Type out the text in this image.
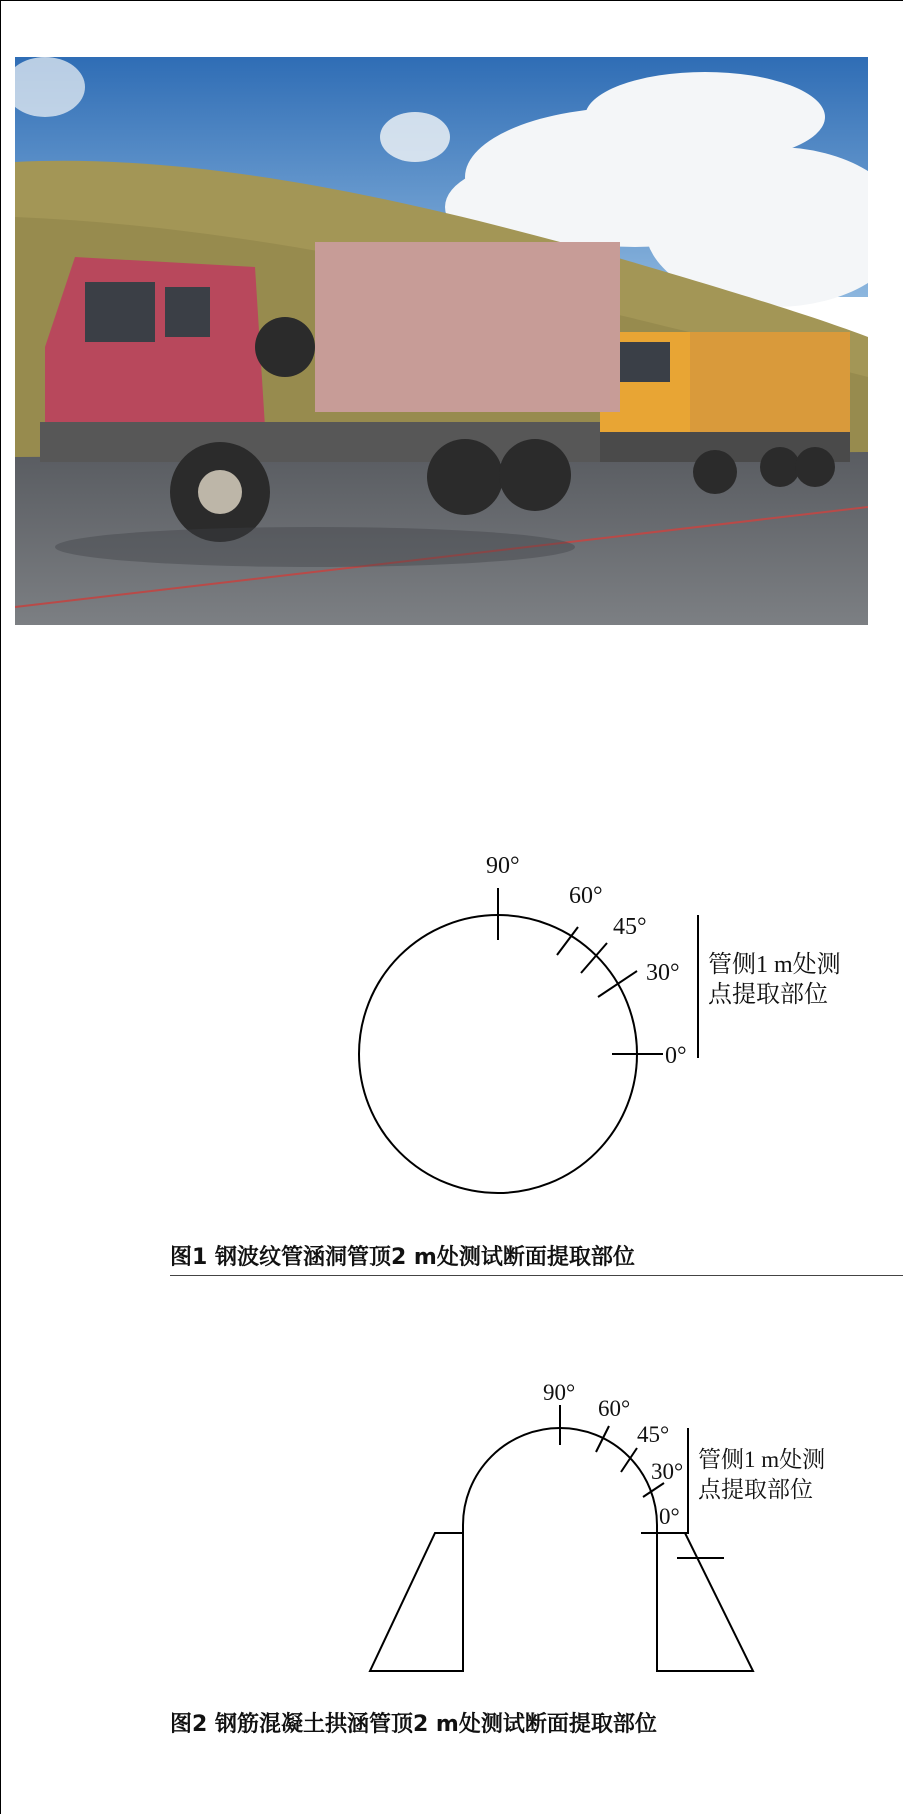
90°
60°
45°
30°
0°
管侧1 m处测
点提取部位
90°
60°
45°
30°
0°
管侧1 m处测
点提取部位
图1 钢波纹管涵洞管顶2 m处测试断面提取部位
图2 钢筋混凝土拱涵管顶2 m处测试断面提取部位
